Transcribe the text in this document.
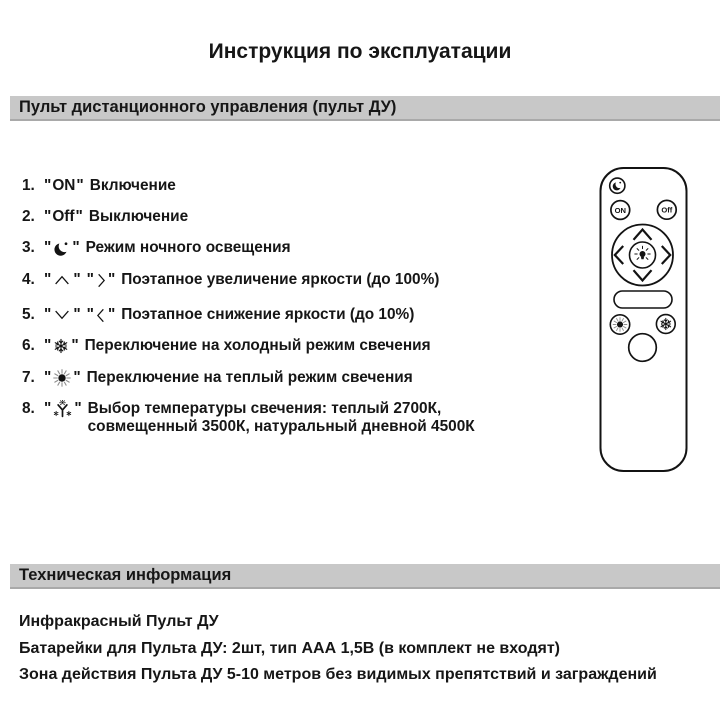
Инструкция по эксплуатации
Пульт дистанционного управления (пульт ДУ)
1. " ON " Включение
2. " Off " Выключение
3. " " Режим ночного освещения
4. " " " " Поэтапное увеличение яркости (до 100%)
5. " " " " Поэтапное снижение яркости (до 10%)
6. " " Переключение на холодный режим свечения
7. " " Переключение на теплый режим свечения
8. " " Выбор температуры свечения: теплый 2700К,
совмещенный 3500К, натуральный дневной 4500К
ON	Off
Техническая информация
Инфракрасный Пульт ДУ
Батарейки для Пульта ДУ: 2шт, тип ААА 1,5В (в комплект не входят)
Зона действия Пульта ДУ 5-10 метров без видимых препятствий и заграждений
